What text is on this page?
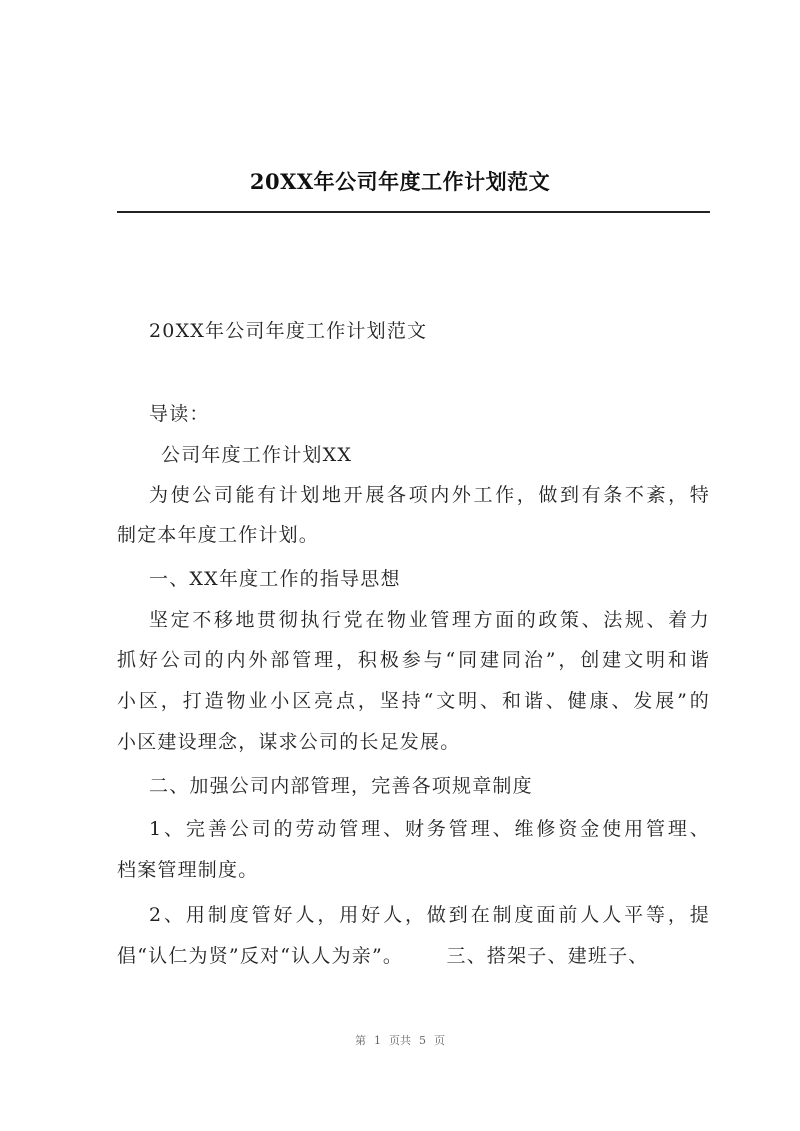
20XX年公司年度工作计划范文

20XX年公司年度工作计划范文

导读：

公司年度工作计划XX

为使公司能有计划地开展各项内外工作，做到有条不紊，特

制定本年度工作计划。

一、XX年度工作的指导思想

坚定不移地贯彻执行党在物业管理方面的政策、法规、着力

抓好公司的内外部管理，积极参与“同建同治”，创建文明和谐

小区，打造物业小区亮点，坚持“文明、和谐、健康、发展”的

小区建设理念，谋求公司的长足发展。

二、加强公司内部管理，完善各项规章制度

1、完善公司的劳动管理、财务管理、维修资金使用管理、

档案管理制度。

2、用制度管好人，用好人，做到在制度面前人人平等，提

倡“认仁为贤”反对“认人为亲”。      三、搭架子、建班子、

第 1 页共 5 页
